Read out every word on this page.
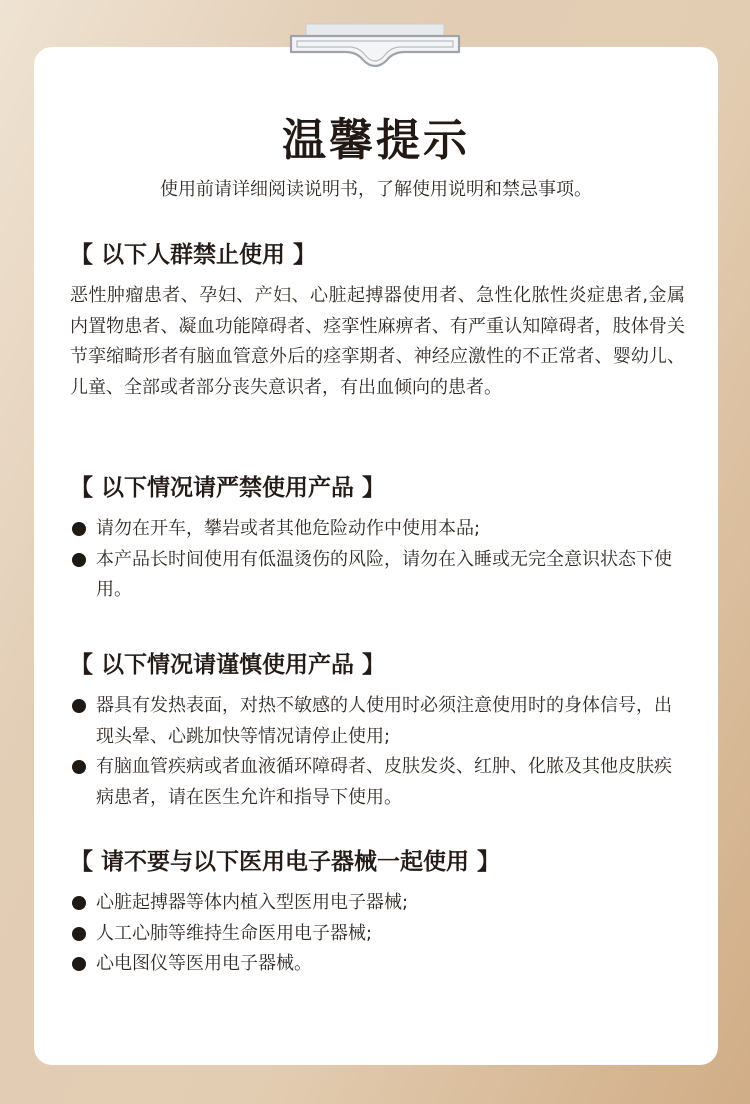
温馨提示
使用前请详细阅读说明书，了解使用说明和禁忌事项。
【 以下人群禁止使用 】

恶性肿瘤患者、孕妇、产妇、心脏起搏器使用者、急性化脓性炎症患者,金属内置物患者、凝血功能障碍者、痉挛性麻痹者、有严重认知障碍者，肢体骨关节挛缩畸形者有脑血管意外后的痉挛期者、神经应激性的不正常者、婴幼儿、儿童、全部或者部分丧失意识者，有出血倾向的患者。

【 以下情况请严禁使用产品 】
请勿在开车，攀岩或者其他危险动作中使用本品;
本产品长时间使用有低温烫伤的风险，请勿在入睡或无完全意识状态下使用。
【 以下情况请谨慎使用产品 】
器具有发热表面，对热不敏感的人使用时必须注意使用时的身体信号，出现头晕、心跳加快等情况请停止使用;
有脑血管疾病或者血液循环障碍者、皮肤发炎、红肿、化脓及其他皮肤疾病患者，请在医生允许和指导下使用。
【 请不要与以下医用电子器械一起使用 】
心脏起搏器等体内植入型医用电子器械;
人工心肺等维持生命医用电子器械;
心电图仪等医用电子器械。
